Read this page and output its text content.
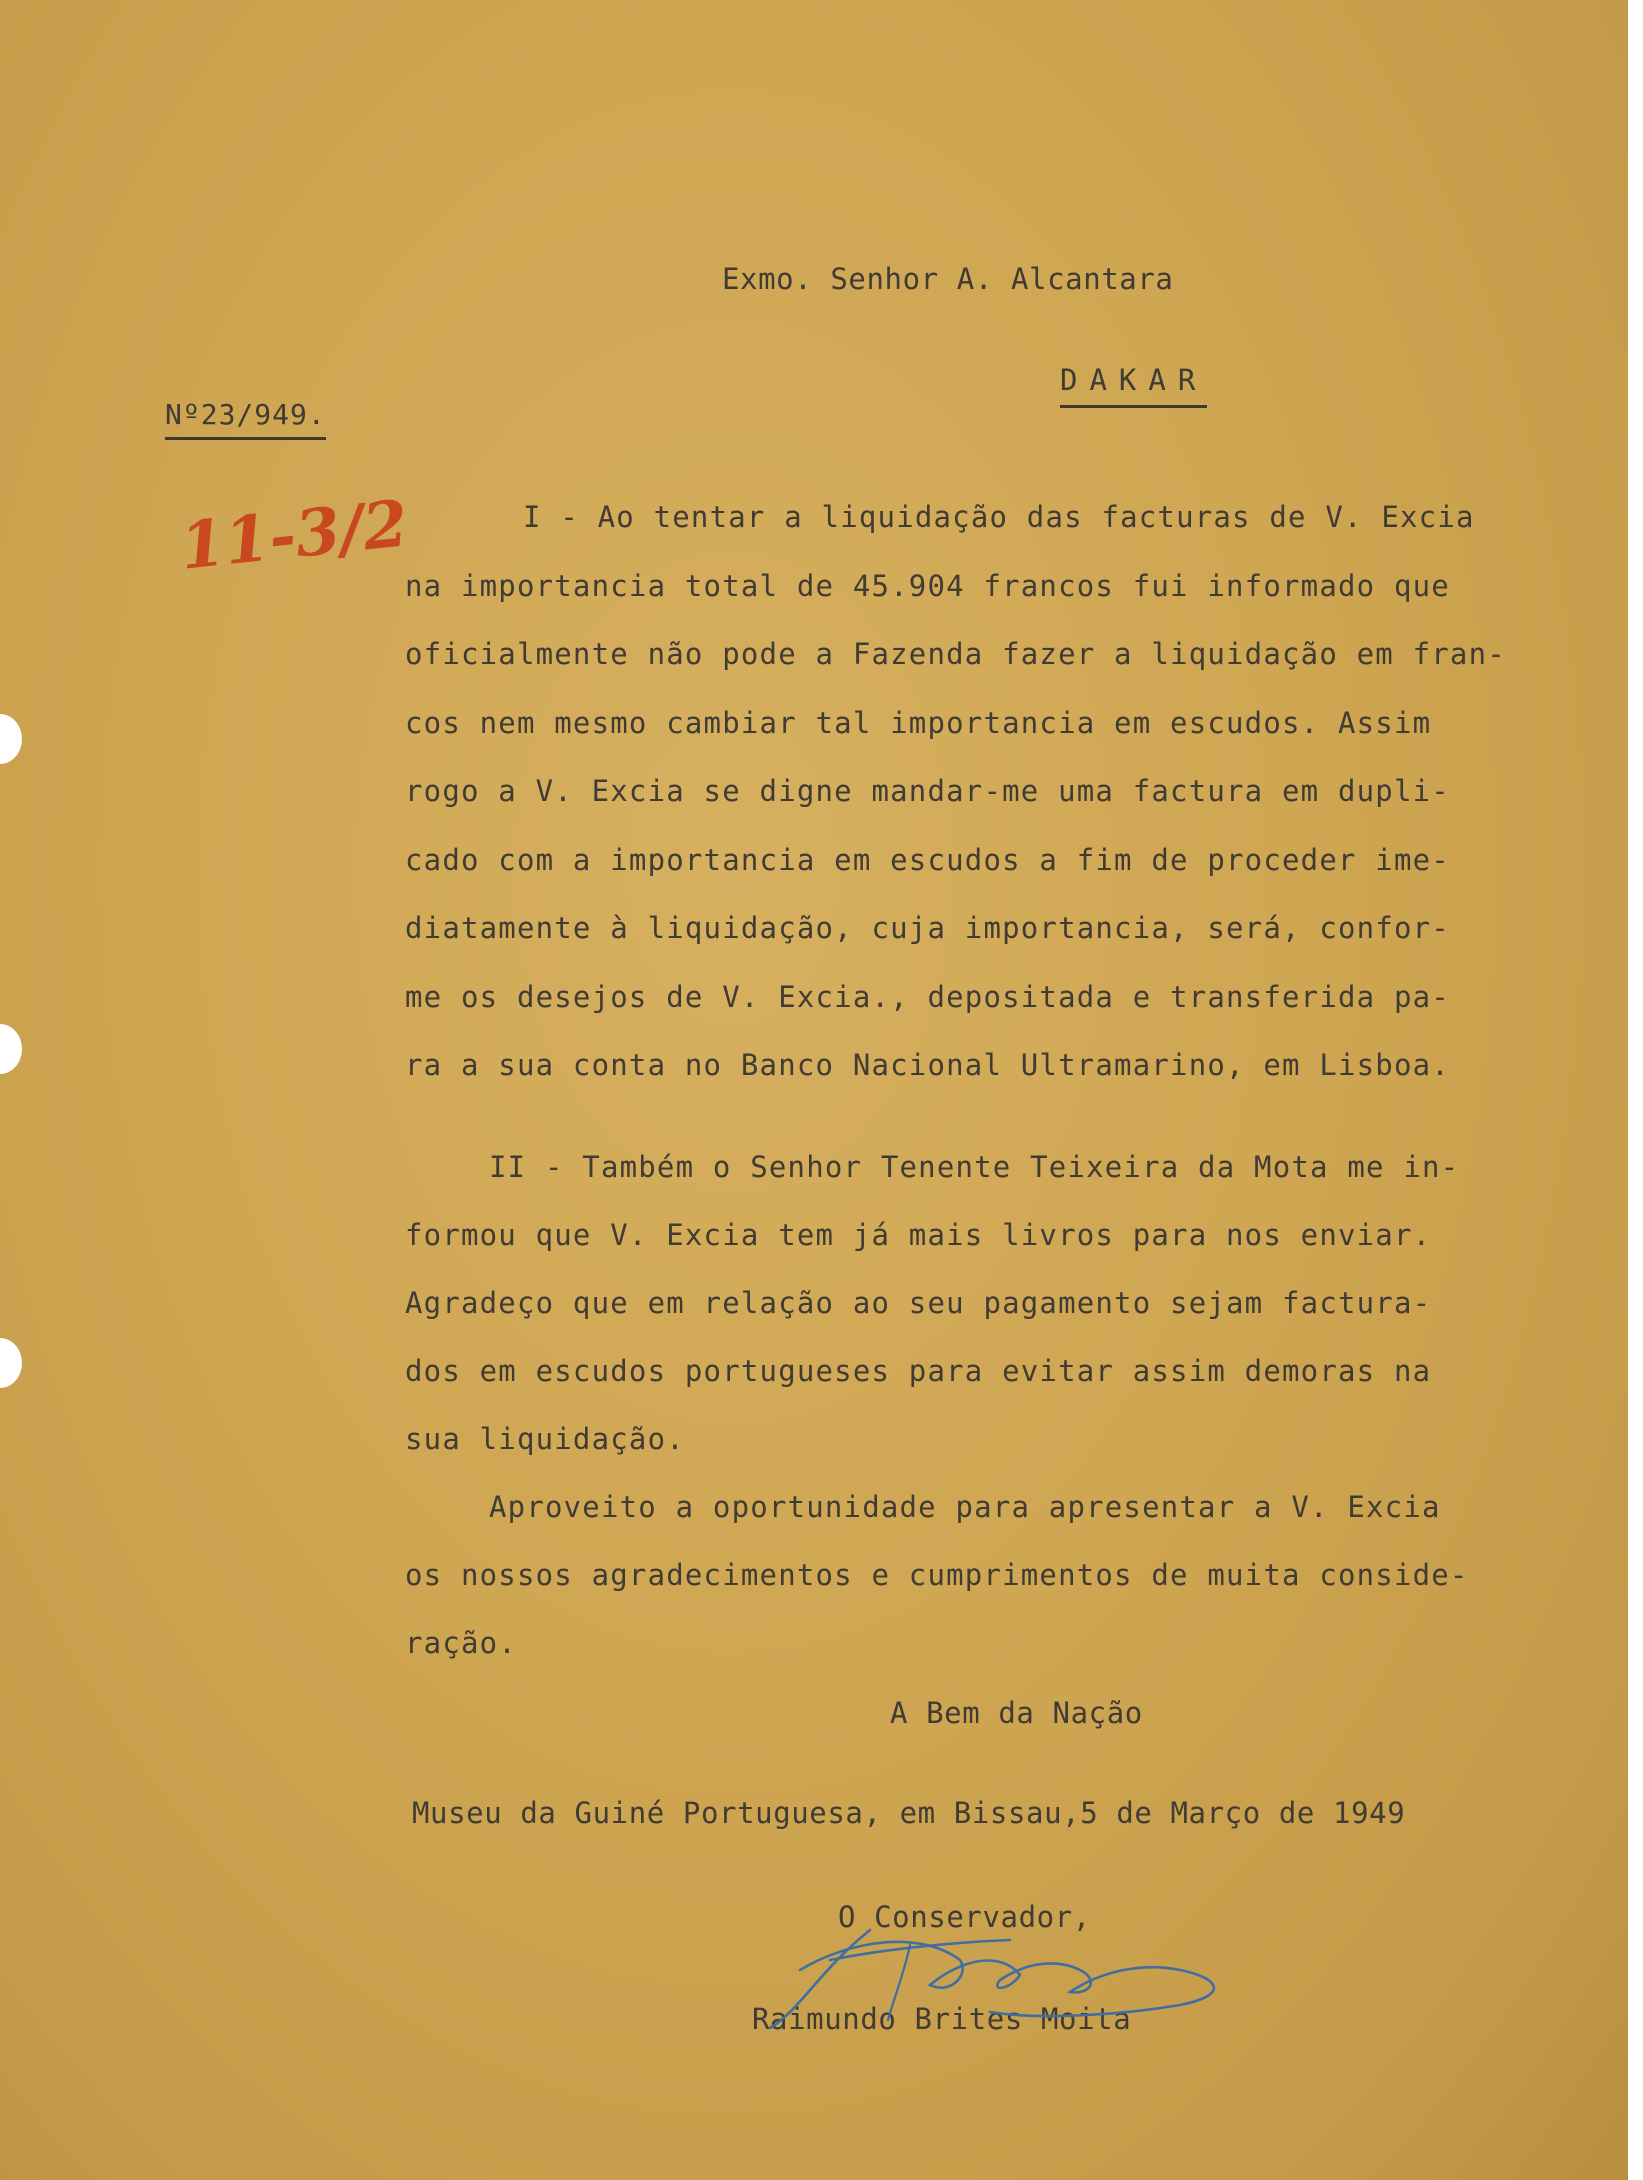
Exmo. Senhor A. Alcantara
DAKAR
Nº23/949.
11-3/2	I - Ao tentar a liquidação das facturas de V. Excia
na importancia total de 45.904 francos fui informado que
oficialmente não pode a Fazenda fazer a liquidação em fran-
cos nem mesmo cambiar tal importancia em escudos. Assim
rogo a V. Excia se digne mandar-me uma factura em dupli-
cado com a importancia em escudos a fim de proceder ime-
diatamente à liquidação, cuja importancia, será, confor-
me os desejos de V. Excia., depositada e transferida pa-
ra a sua conta no Banco Nacional Ultramarino, em Lisboa.
II - Também o Senhor Tenente Teixeira da Mota me in-
formou que V. Excia tem já mais livros para nos enviar.
Agradeço que em relação ao seu pagamento sejam factura-
dos em escudos portugueses para evitar assim demoras na
sua liquidação.
Aproveito a oportunidade para apresentar a V. Excia
os nossos agradecimentos e cumprimentos de muita conside-
ração.
A Bem da Nação
Museu da Guiné Portuguesa, em Bissau,5 de Março de 1949
O Conservador,
Raimundo Brites Moita
